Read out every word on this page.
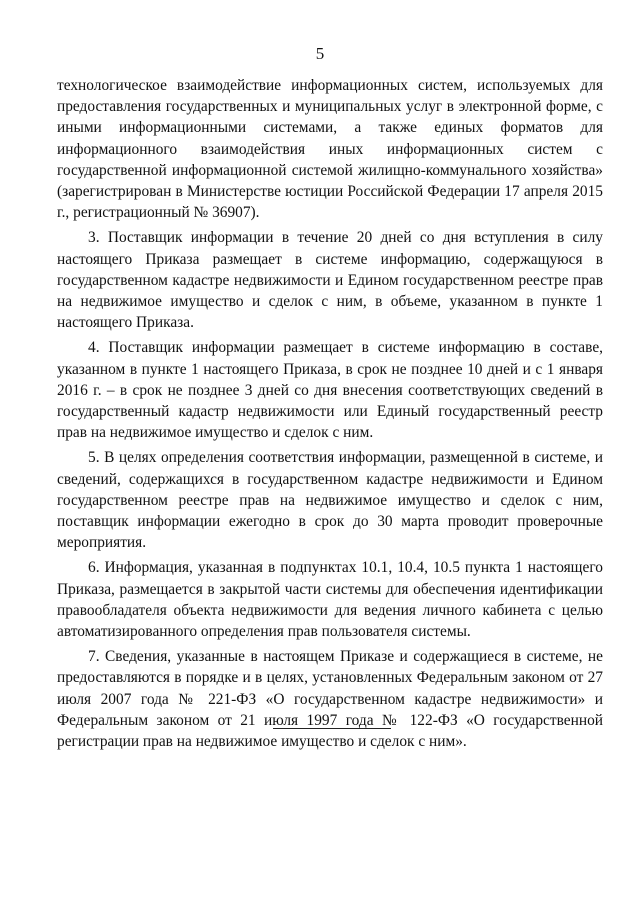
5

технологическое взаимодействие информационных систем, используемых для предоставления государственных и муниципальных услуг в электронной форме, с иными информационными системами, а также единых форматов для информационного взаимодействия иных информационных систем с государственной информационной системой жилищно-коммунального хозяйства» (зарегистрирован в Министерстве юстиции Российской Федерации 17 апреля 2015 г., регистрационный № 36907).

3. Поставщик информации в течение 20 дней со дня вступления в силу настоящего Приказа размещает в системе информацию, содержащуюся в государственном кадастре недвижимости и Едином государственном реестре прав на недвижимое имущество и сделок с ним, в объеме, указанном в пункте 1 настоящего Приказа.

4. Поставщик информации размещает в системе информацию в составе, указанном в пункте 1 настоящего Приказа, в срок не позднее 10 дней и с 1 января 2016 г. – в срок не позднее 3 дней со дня внесения соответствующих сведений в государственный кадастр недвижимости или Единый государственный реестр прав на недвижимое имущество и сделок с ним.

5. В целях определения соответствия информации, размещенной в системе, и сведений, содержащихся в государственном кадастре недвижимости и Едином государственном реестре прав на недвижимое имущество и сделок с ним, поставщик информации ежегодно в срок до 30 марта проводит проверочные мероприятия.

6. Информация, указанная в подпунктах 10.1, 10.4, 10.5 пункта 1 настоящего Приказа, размещается в закрытой части системы для обеспечения идентификации правообладателя объекта недвижимости для ведения личного кабинета с целью автоматизированного определения прав пользователя системы.

7. Сведения, указанные в настоящем Приказе и содержащиеся в системе, не предоставляются в порядке и в целях, установленных Федеральным законом от 27 июля 2007 года № 221-ФЗ «О государственном кадастре недвижимости» и Федеральным законом от 21 июля 1997 года № 122-ФЗ «О государственной регистрации прав на недвижимое имущество и сделок с ним».
